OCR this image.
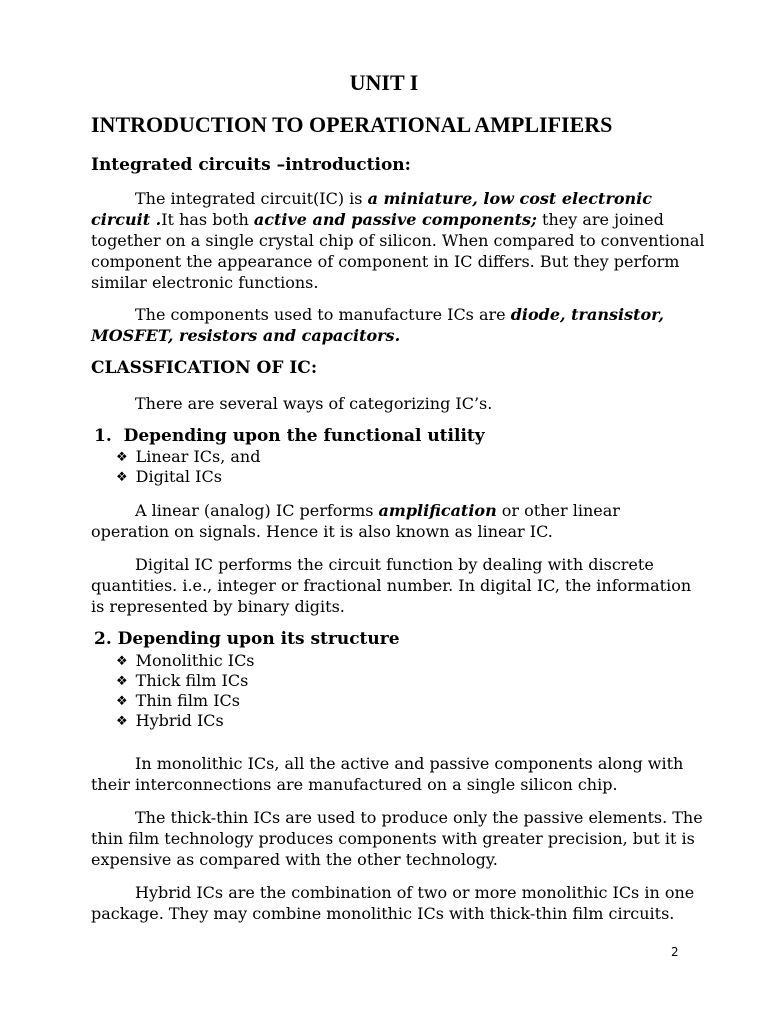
UNIT I
INTRODUCTION TO OPERATIONAL AMPLIFIERS
Integrated circuits –introduction:
The integrated circuit(IC) is a miniature, low cost electronic
circuit .It has both active and passive components; they are joined
together on a single crystal chip of silicon. When compared to conventional
component the appearance of component in IC differs. But they perform
similar electronic functions.
The components used to manufacture ICs are diode, transistor,
MOSFET, resistors and capacitors.
CLASSFICATION OF IC:
There are several ways of categorizing IC’s.
1. Depending upon the functional utility
❖ Linear ICs, and
❖ Digital ICs
A linear (analog) IC performs amplification or other linear
operation on signals. Hence it is also known as linear IC.
Digital IC performs the circuit function by dealing with discrete
quantities. i.e., integer or fractional number. In digital IC, the information
is represented by binary digits.
2. Depending upon its structure
❖ Monolithic ICs
❖ Thick film ICs
❖ Thin film ICs
❖ Hybrid ICs
In monolithic ICs, all the active and passive components along with
their interconnections are manufactured on a single silicon chip.
The thick-thin ICs are used to produce only the passive elements. The
thin film technology produces components with greater precision, but it is
expensive as compared with the other technology.
Hybrid ICs are the combination of two or more monolithic ICs in one
package. They may combine monolithic ICs with thick-thin film circuits.
2
